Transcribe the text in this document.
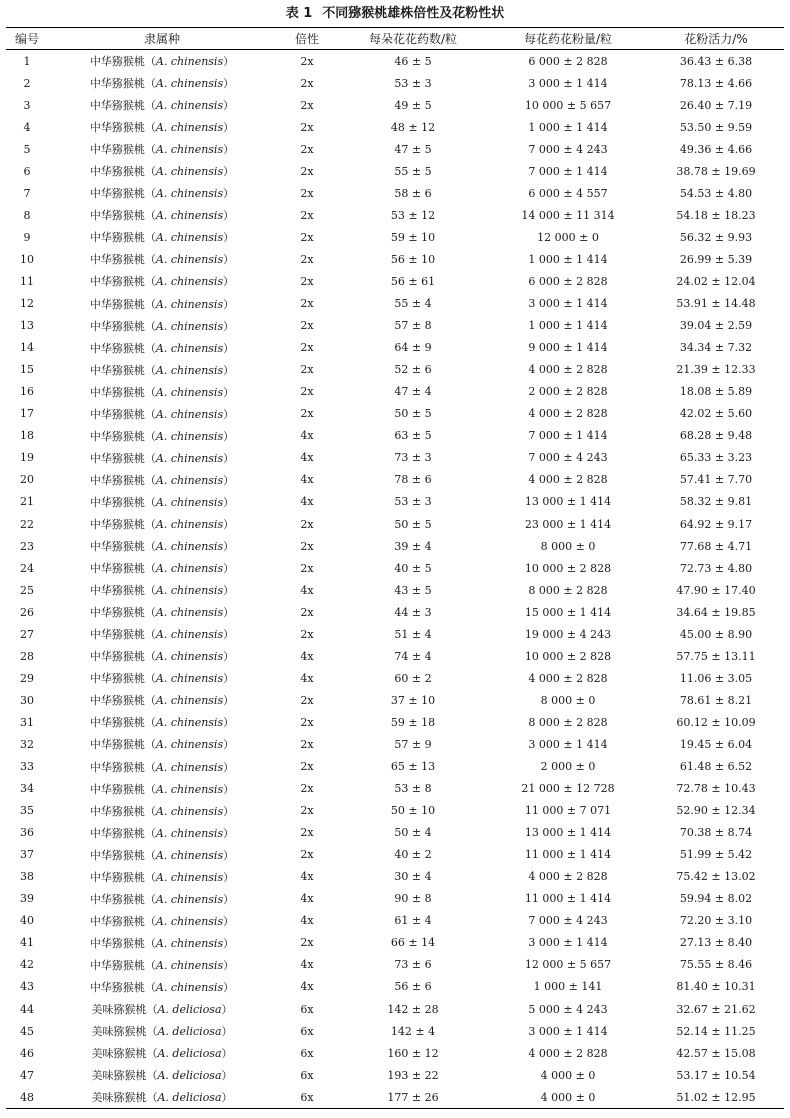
表 1 不同猕猴桃雄株倍性及花粉性状
编号	隶属种	倍性	每朵花花药数/粒	每花药花粉量/粒	花粉活力/%
1	中华猕猴桃（A. chinensis）	2x	46 ± 5	6 000 ± 2 828	36.43 ± 6.38
2	中华猕猴桃（A. chinensis）	2x	53 ± 3	3 000 ± 1 414	78.13 ± 4.66
3	中华猕猴桃（A. chinensis）	2x	49 ± 5	10 000 ± 5 657	26.40 ± 7.19
4	中华猕猴桃（A. chinensis）	2x	48 ± 12	1 000 ± 1 414	53.50 ± 9.59
5	中华猕猴桃（A. chinensis）	2x	47 ± 5	7 000 ± 4 243	49.36 ± 4.66
6	中华猕猴桃（A. chinensis）	2x	55 ± 5	7 000 ± 1 414	38.78 ± 19.69
7	中华猕猴桃（A. chinensis）	2x	58 ± 6	6 000 ± 4 557	54.53 ± 4.80
8	中华猕猴桃（A. chinensis）	2x	53 ± 12	14 000 ± 11 314	54.18 ± 18.23
9	中华猕猴桃（A. chinensis）	2x	59 ± 10	12 000 ± 0	56.32 ± 9.93
10	中华猕猴桃（A. chinensis）	2x	56 ± 10	1 000 ± 1 414	26.99 ± 5.39
11	中华猕猴桃（A. chinensis）	2x	56 ± 61	6 000 ± 2 828	24.02 ± 12.04
12	中华猕猴桃（A. chinensis）	2x	55 ± 4	3 000 ± 1 414	53.91 ± 14.48
13	中华猕猴桃（A. chinensis）	2x	57 ± 8	1 000 ± 1 414	39.04 ± 2.59
14	中华猕猴桃（A. chinensis）	2x	64 ± 9	9 000 ± 1 414	34.34 ± 7.32
15	中华猕猴桃（A. chinensis）	2x	52 ± 6	4 000 ± 2 828	21.39 ± 12.33
16	中华猕猴桃（A. chinensis）	2x	47 ± 4	2 000 ± 2 828	18.08 ± 5.89
17	中华猕猴桃（A. chinensis）	2x	50 ± 5	4 000 ± 2 828	42.02 ± 5.60
18	中华猕猴桃（A. chinensis）	4x	63 ± 5	7 000 ± 1 414	68.28 ± 9.48
19	中华猕猴桃（A. chinensis）	4x	73 ± 3	7 000 ± 4 243	65.33 ± 3.23
20	中华猕猴桃（A. chinensis）	4x	78 ± 6	4 000 ± 2 828	57.41 ± 7.70
21	中华猕猴桃（A. chinensis）	4x	53 ± 3	13 000 ± 1 414	58.32 ± 9.81
22	中华猕猴桃（A. chinensis）	2x	50 ± 5	23 000 ± 1 414	64.92 ± 9.17
23	中华猕猴桃（A. chinensis）	2x	39 ± 4	8 000 ± 0	77.68 ± 4.71
24	中华猕猴桃（A. chinensis）	2x	40 ± 5	10 000 ± 2 828	72.73 ± 4.80
25	中华猕猴桃（A. chinensis）	4x	43 ± 5	8 000 ± 2 828	47.90 ± 17.40
26	中华猕猴桃（A. chinensis）	2x	44 ± 3	15 000 ± 1 414	34.64 ± 19.85
27	中华猕猴桃（A. chinensis）	2x	51 ± 4	19 000 ± 4 243	45.00 ± 8.90
28	中华猕猴桃（A. chinensis）	4x	74 ± 4	10 000 ± 2 828	57.75 ± 13.11
29	中华猕猴桃（A. chinensis）	4x	60 ± 2	4 000 ± 2 828	11.06 ± 3.05
30	中华猕猴桃（A. chinensis）	2x	37 ± 10	8 000 ± 0	78.61 ± 8.21
31	中华猕猴桃（A. chinensis）	2x	59 ± 18	8 000 ± 2 828	60.12 ± 10.09
32	中华猕猴桃（A. chinensis）	2x	57 ± 9	3 000 ± 1 414	19.45 ± 6.04
33	中华猕猴桃（A. chinensis）	2x	65 ± 13	2 000 ± 0	61.48 ± 6.52
34	中华猕猴桃（A. chinensis）	2x	53 ± 8	21 000 ± 12 728	72.78 ± 10.43
35	中华猕猴桃（A. chinensis）	2x	50 ± 10	11 000 ± 7 071	52.90 ± 12.34
36	中华猕猴桃（A. chinensis）	2x	50 ± 4	13 000 ± 1 414	70.38 ± 8.74
37	中华猕猴桃（A. chinensis）	2x	40 ± 2	11 000 ± 1 414	51.99 ± 5.42
38	中华猕猴桃（A. chinensis）	4x	30 ± 4	4 000 ± 2 828	75.42 ± 13.02
39	中华猕猴桃（A. chinensis）	4x	90 ± 8	11 000 ± 1 414	59.94 ± 8.02
40	中华猕猴桃（A. chinensis）	4x	61 ± 4	7 000 ± 4 243	72.20 ± 3.10
41	中华猕猴桃（A. chinensis）	2x	66 ± 14	3 000 ± 1 414	27.13 ± 8.40
42	中华猕猴桃（A. chinensis）	4x	73 ± 6	12 000 ± 5 657	75.55 ± 8.46
43	中华猕猴桃（A. chinensis）	4x	56 ± 6	1 000 ± 141	81.40 ± 10.31
44	美味猕猴桃（A. deliciosa）	6x	142 ± 28	5 000 ± 4 243	32.67 ± 21.62
45	美味猕猴桃（A. deliciosa）	6x	142 ± 4	3 000 ± 1 414	52.14 ± 11.25
46	美味猕猴桃（A. deliciosa）	6x	160 ± 12	4 000 ± 2 828	42.57 ± 15.08
47	美味猕猴桃（A. deliciosa）	6x	193 ± 22	4 000 ± 0	53.17 ± 10.54
48	美味猕猴桃（A. deliciosa）	6x	177 ± 26	4 000 ± 0	51.02 ± 12.95
